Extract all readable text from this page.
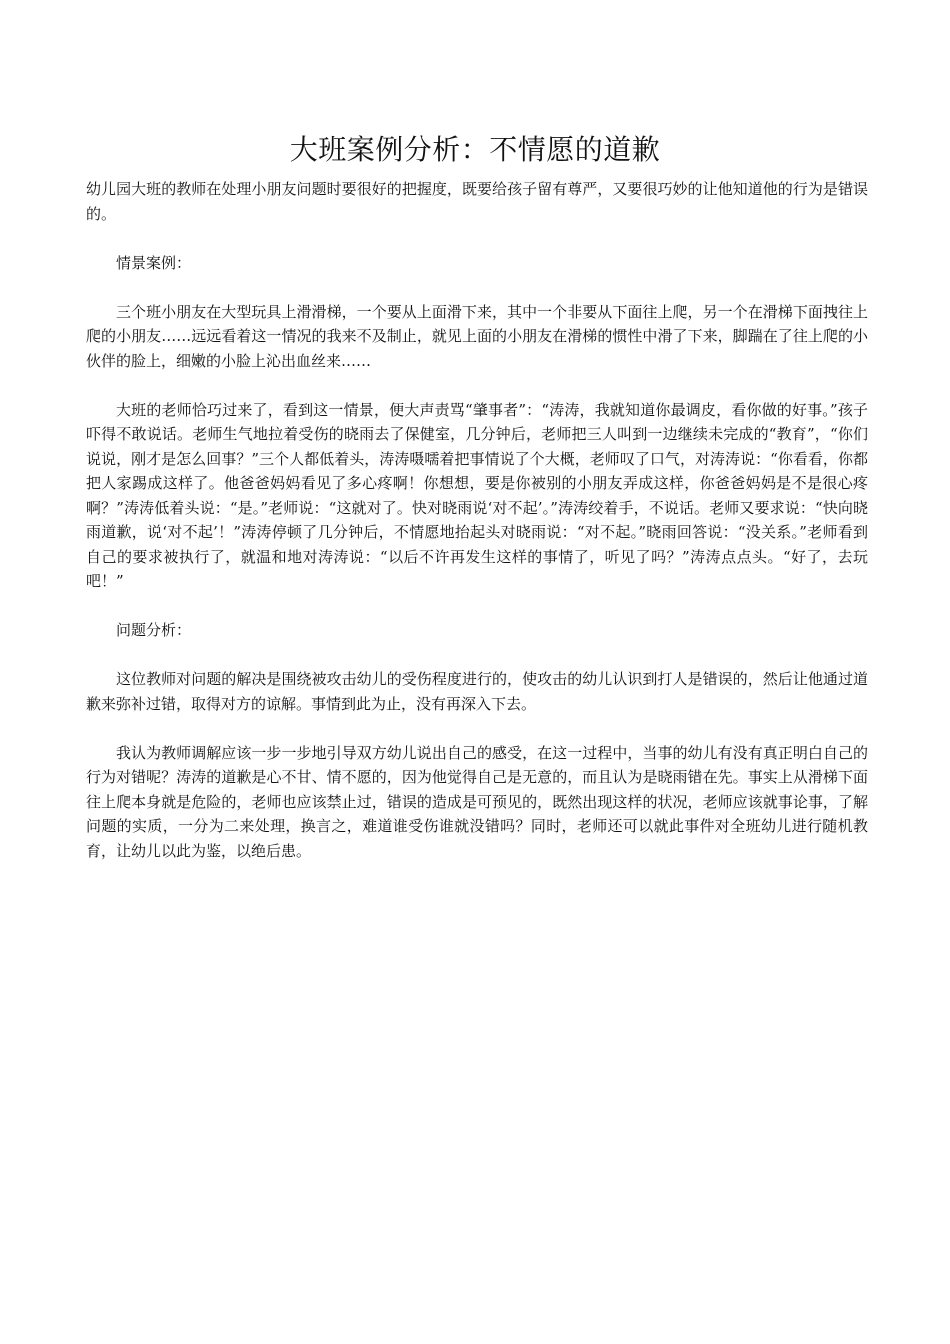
大班案例分析：不情愿的道歉

幼儿园大班的教师在处理小朋友问题时要很好的把握度，既要给孩子留有尊严，又要很巧妙的让他知道他的行为是错误的。

情景案例：

三个班小朋友在大型玩具上滑滑梯，一个要从上面滑下来，其中一个非要从下面往上爬，另一个在滑梯下面拽往上爬的小朋友……远远看着这一情况的我来不及制止，就见上面的小朋友在滑梯的惯性中滑了下来，脚踹在了往上爬的小伙伴的脸上，细嫩的小脸上沁出血丝来……

大班的老师恰巧过来了，看到这一情景，便大声责骂“肇事者”：“涛涛，我就知道你最调皮，看你做的好事。”孩子吓得不敢说话。老师生气地拉着受伤的晓雨去了保健室，几分钟后，老师把三人叫到一边继续未完成的“教育”，“你们说说，刚才是怎么回事？”三个人都低着头，涛涛嗫嚅着把事情说了个大概，老师叹了口气，对涛涛说：“你看看，你都把人家踢成这样了。他爸爸妈妈看见了多心疼啊！你想想，要是你被别的小朋友弄成这样，你爸爸妈妈是不是很心疼啊？”涛涛低着头说：“是。”老师说：“这就对了。快对晓雨说‘对不起’。”涛涛绞着手，不说话。老师又要求说：“快向晓雨道歉，说‘对不起’！”涛涛停顿了几分钟后，不情愿地抬起头对晓雨说：“对不起。”晓雨回答说：“没关系。”老师看到自己的要求被执行了，就温和地对涛涛说：“以后不许再发生这样的事情了，听见了吗？”涛涛点点头。“好了，去玩吧！”

问题分析：

这位教师对问题的解决是围绕被攻击幼儿的受伤程度进行的，使攻击的幼儿认识到打人是错误的，然后让他通过道歉来弥补过错，取得对方的谅解。事情到此为止，没有再深入下去。

我认为教师调解应该一步一步地引导双方幼儿说出自己的感受，在这一过程中，当事的幼儿有没有真正明白自己的行为对错呢？涛涛的道歉是心不甘、情不愿的，因为他觉得自己是无意的，而且认为是晓雨错在先。事实上从滑梯下面往上爬本身就是危险的，老师也应该禁止过，错误的造成是可预见的，既然出现这样的状况，老师应该就事论事，了解问题的实质，一分为二来处理，换言之，难道谁受伤谁就没错吗？同时，老师还可以就此事件对全班幼儿进行随机教育，让幼儿以此为鉴，以绝后患。
